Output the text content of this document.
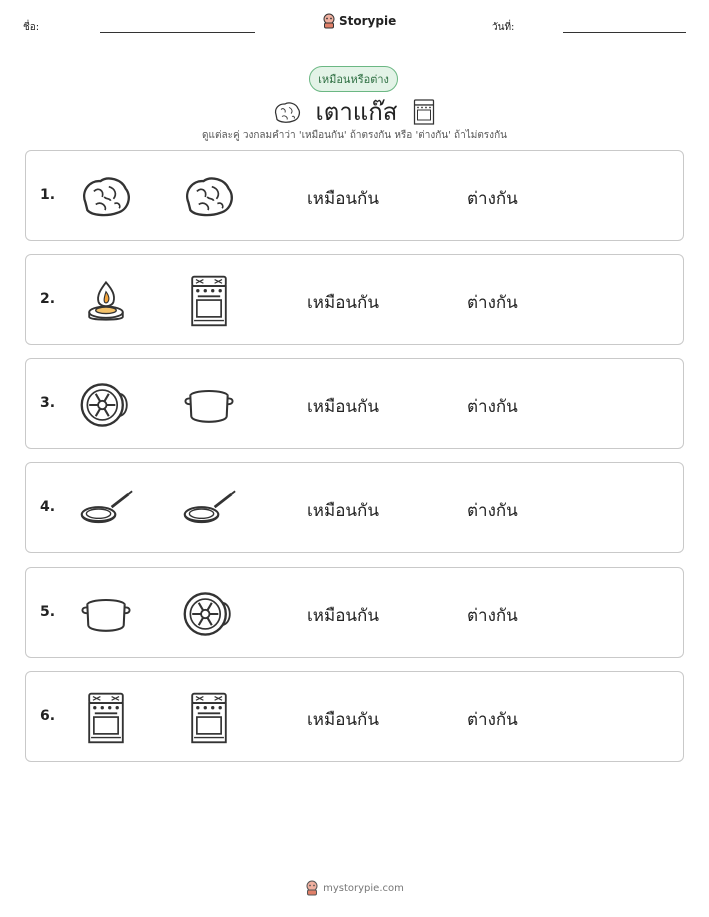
ชื่อ:	Storypie	วันที่:
เหมือนหรือต่าง
เตาแก๊ส
ดูแต่ละคู่ วงกลมคำว่า 'เหมือนกัน' ถ้าตรงกัน หรือ 'ต่างกัน' ถ้าไม่ตรงกัน
1.	เหมือนกัน	ต่างกัน
2.	เหมือนกัน	ต่างกัน
3.	เหมือนกัน	ต่างกัน
4.	เหมือนกัน	ต่างกัน
5.	เหมือนกัน	ต่างกัน
6.	เหมือนกัน	ต่างกัน
mystorypie.com
